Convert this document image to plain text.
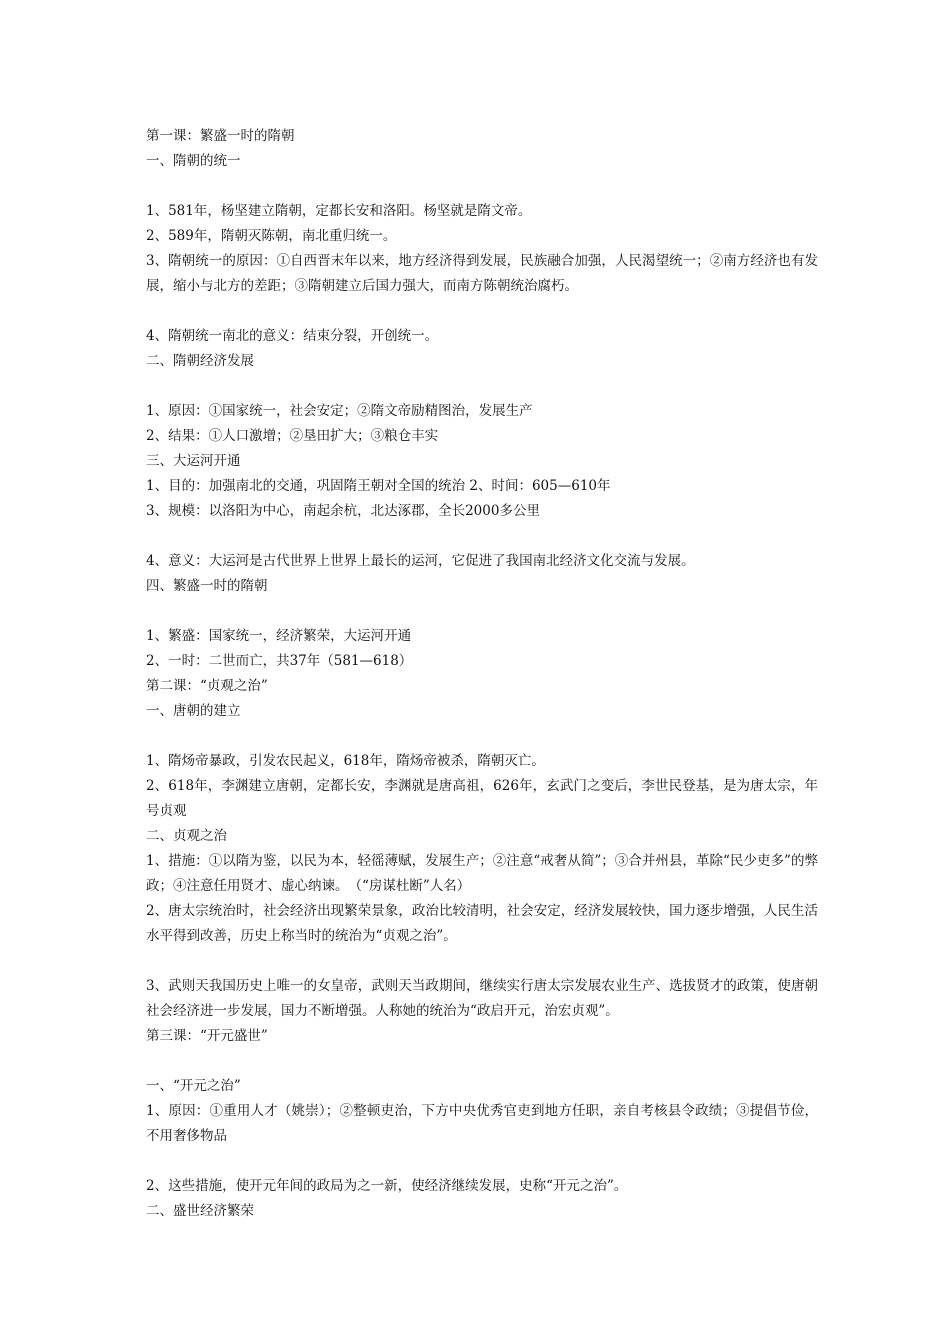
第一课：繁盛一时的隋朝
一、隋朝的统一
1、581年，杨坚建立隋朝，定都长安和洛阳。杨坚就是隋文帝。
2、589年，隋朝灭陈朝，南北重归统一。
3、隋朝统一的原因：①自西晋末年以来，地方经济得到发展，民族融合加强，人民渴望统一；②南方经济也有发展，缩小与北方的差距；③隋朝建立后国力强大，而南方陈朝统治腐朽。
4、隋朝统一南北的意义：结束分裂，开创统一。
二、隋朝经济发展
1、原因：①国家统一，社会安定；②隋文帝励精图治，发展生产
2、结果：①人口激增；②垦田扩大；③粮仓丰实
三、大运河开通
1、目的：加强南北的交通，巩固隋王朝对全国的统治 2、时间：605—610年
3、规模：以洛阳为中心，南起余杭，北达涿郡，全长2000多公里
4、意义：大运河是古代世界上世界上最长的运河，它促进了我国南北经济文化交流与发展。
四、繁盛一时的隋朝
1、繁盛：国家统一，经济繁荣，大运河开通
2、一时：二世而亡，共37年（581—618）
第二课：“贞观之治”
一、唐朝的建立
1、隋炀帝暴政，引发农民起义，618年，隋炀帝被杀，隋朝灭亡。
2、618年，李渊建立唐朝，定都长安，李渊就是唐高祖，626年，玄武门之变后，李世民登基，是为唐太宗，年号贞观
二、贞观之治
1、措施：①以隋为鉴，以民为本，轻徭薄赋，发展生产；②注意“戒奢从简”；③合并州县，革除“民少吏多”的弊政；④注意任用贤才、虚心纳谏。　（“房谋杜断”人名）
2、唐太宗统治时，社会经济出现繁荣景象，政治比较清明，社会安定，经济发展较快，国力逐步增强，人民生活水平得到改善，历史上称当时的统治为“贞观之治”。
3、武则天我国历史上唯一的女皇帝，武则天当政期间，继续实行唐太宗发展农业生产、选拔贤才的政策，使唐朝社会经济进一步发展，国力不断增强。人称她的统治为“政启开元，治宏贞观”。
第三课：“开元盛世”
一、“开元之治”
1、原因：①重用人才（姚崇）；②整顿吏治，下方中央优秀官吏到地方任职，亲自考核县令政绩；③提倡节俭，不用奢侈物品
2、这些措施，使开元年间的政局为之一新，使经济继续发展，史称“开元之治”。
二、盛世经济繁荣
